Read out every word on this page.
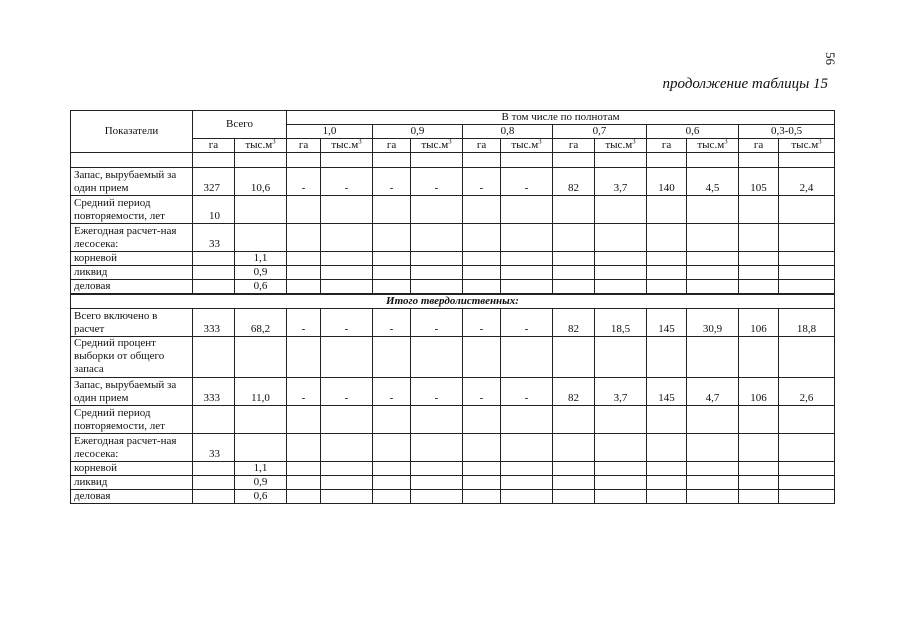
56
продолжение таблицы 15
Показатели	Всего		В том числе по полнотам											
			1,0		0,9		0,8		0,7		0,6		0,3-0,5	
	га	$тыс.м^3$	га	$тыс.м^3$	га	$тыс.м^3$	га	$тыс.м^3$	га	$тыс.м^3$	га	$тыс.м^3$	га	$тыс.м^3$

Запас, вырубаемый за один прием	327	10,6	-	-	-	-	-	-	82	3,7	140	4,5	105	2,4
Средний период повторяемости, лет	10													
Ежегодная расчет-ная лесосека:	33													
корневой		1,1												
ликвид		0,9												
деловая		0,6												
Итого твердолиственных:														
Всего включено в расчет	333	68,2	-	-	-	-	-	-	82	18,5	145	30,9	106	18,8
Средний процент выборки от общего запаса														
Запас, вырубаемый за один прием	333	11,0	-	-	-	-	-	-	82	3,7	145	4,7	106	2,6
Средний период повторяемости, лет														
Ежегодная расчет-ная лесосека:	33													
корневой		1,1												
ликвид		0,9												
деловая		0,6												
